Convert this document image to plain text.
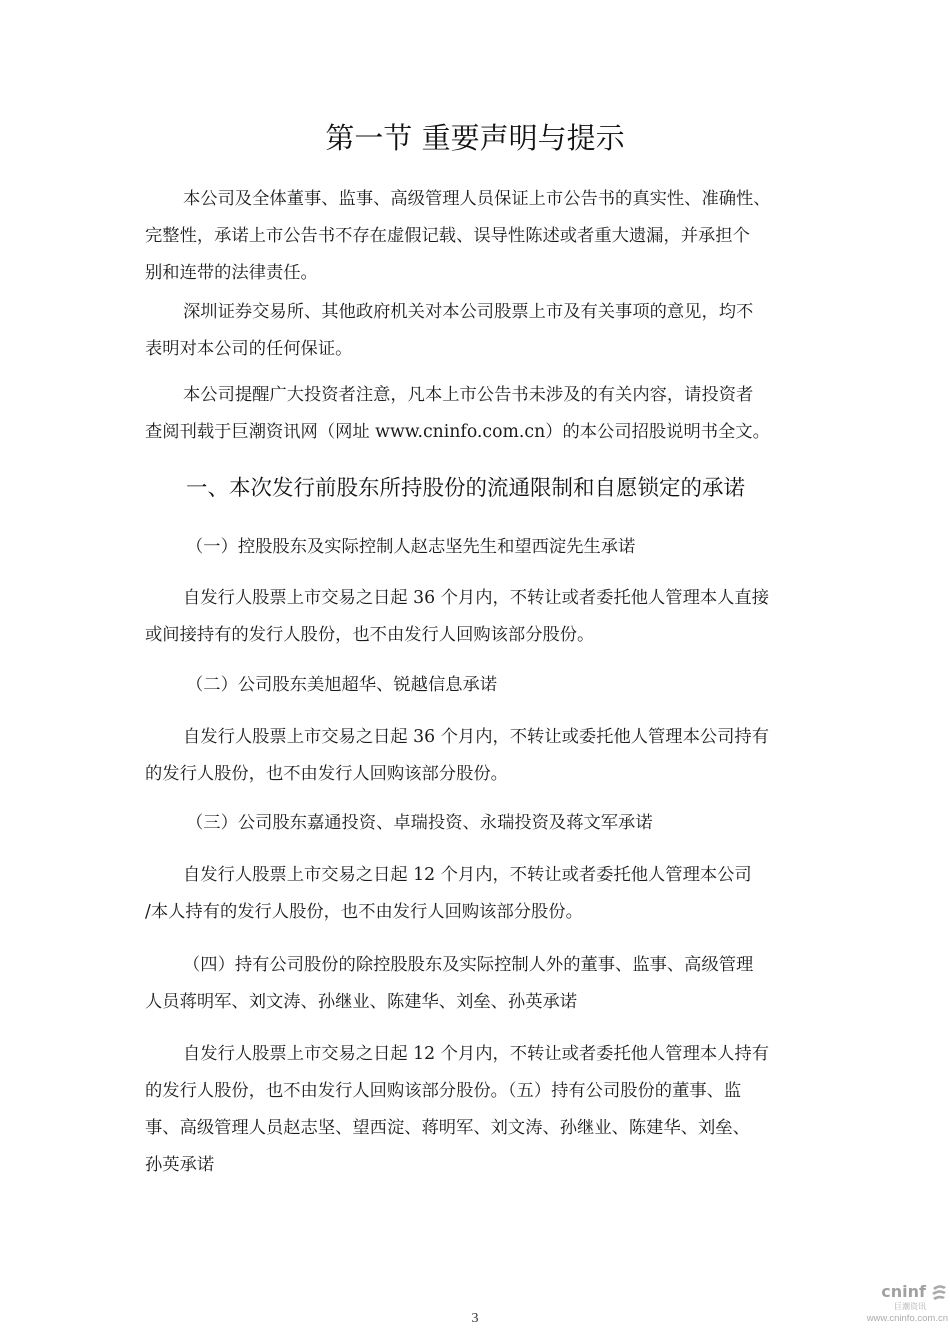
第一节 重要声明与提示
本公司及全体董事、监事、高级管理人员保证上市公告书的真实性、准确性、
完整性，承诺上市公告书不存在虚假记载、误导性陈述或者重大遗漏，并承担个
别和连带的法律责任。
深圳证券交易所、其他政府机关对本公司股票上市及有关事项的意见，均不
表明对本公司的任何保证。
本公司提醒广大投资者注意，凡本上市公告书未涉及的有关内容，请投资者
查阅刊载于巨潮资讯网（网址 www.cninfo.com.cn）的本公司招股说明书全文。
一、本次发行前股东所持股份的流通限制和自愿锁定的承诺
（一）控股股东及实际控制人赵志坚先生和望西淀先生承诺
自发行人股票上市交易之日起 36 个月内，不转让或者委托他人管理本人直接
或间接持有的发行人股份，也不由发行人回购该部分股份。
（二）公司股东美旭超华、锐越信息承诺
自发行人股票上市交易之日起 36 个月内，不转让或委托他人管理本公司持有
的发行人股份，也不由发行人回购该部分股份。
（三）公司股东嘉通投资、卓瑞投资、永瑞投资及蒋文军承诺
自发行人股票上市交易之日起 12 个月内，不转让或者委托他人管理本公司
/本人持有的发行人股份，也不由发行人回购该部分股份。
（四）持有公司股份的除控股股东及实际控制人外的董事、监事、高级管理
人员蒋明军、刘文涛、孙继业、陈建华、刘垒、孙英承诺
自发行人股票上市交易之日起 12 个月内，不转让或者委托他人管理本人持有
的发行人股份，也不由发行人回购该部分股份。（五）持有公司股份的董事、监
事、高级管理人员赵志坚、望西淀、蒋明军、刘文涛、孙继业、陈建华、刘垒、
孙英承诺
cninf
巨潮资讯
www.cninfo.com.cn
3
